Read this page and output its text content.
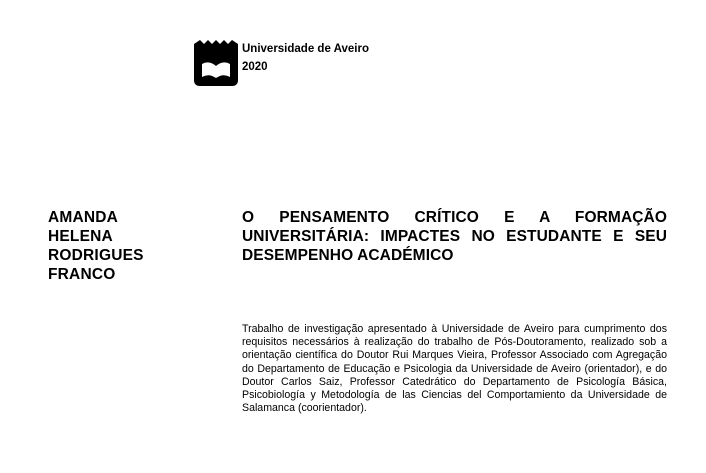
Universidade de Aveiro
2020
AMANDA
HELENA
RODRIGUES
FRANCO
O PENSAMENTO CRÍTICO E A FORMAÇÃO UNIVERSITÁRIA: IMPACTES NO ESTUDANTE E SEU DESEMPENHO ACADÉMICO
Trabalho de investigação apresentado à Universidade de Aveiro para cumprimento dos requisitos necessários à realização do trabalho de Pós-Doutoramento, realizado sob a orientação científica do Doutor Rui Marques Vieira, Professor Associado com Agregação do Departamento de Educação e Psicologia da Universidade de Aveiro (orientador), e do Doutor Carlos Saiz, Professor Catedrático do Departamento de Psicología Básica, Psicobiología y Metodología de las Ciencias del Comportamiento da Universidade de Salamanca (coorientador).
